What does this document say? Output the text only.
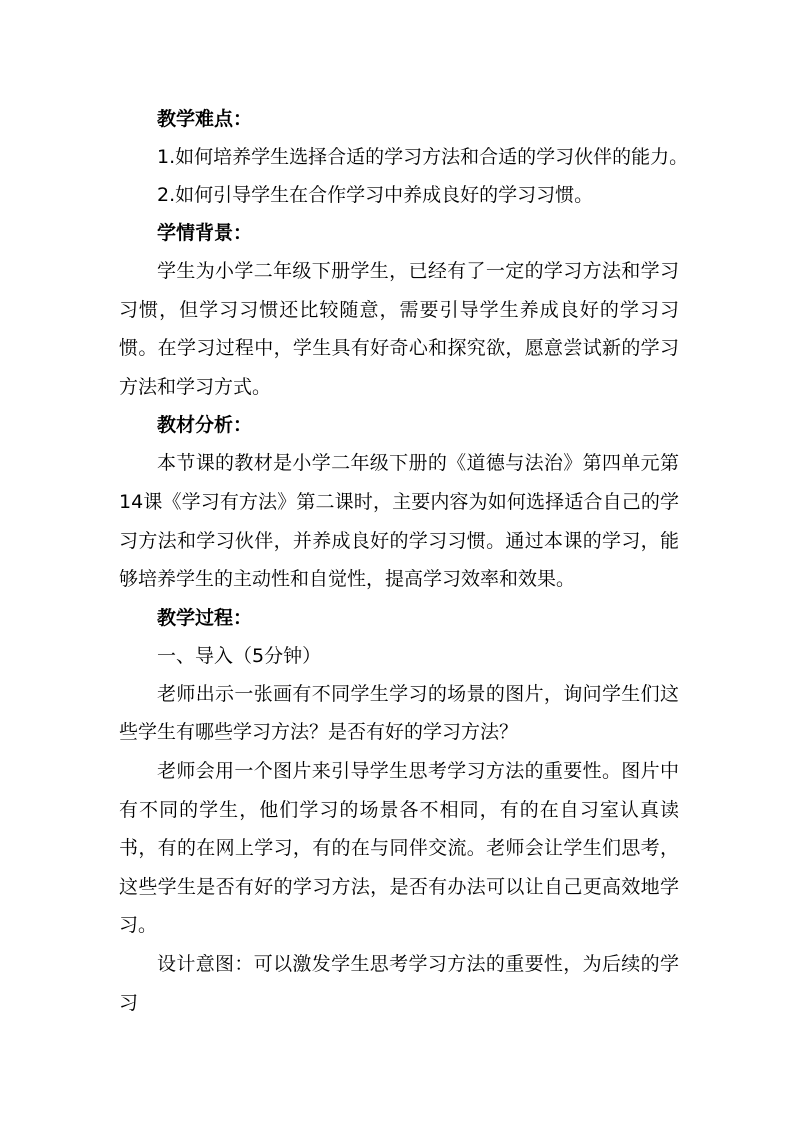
教学难点：
1.如何培养学生选择合适的学习方法和合适的学习伙伴的能力。
2.如何引导学生在合作学习中养成良好的学习习惯。
学情背景：

学生为小学二年级下册学生，已经有了一定的学习方法和学习习惯，但学习习惯还比较随意，需要引导学生养成良好的学习习惯。在学习过程中，学生具有好奇心和探究欲，愿意尝试新的学习方法和学习方式。

教材分析：

本节课的教材是小学二年级下册的《道德与法治》第四单元第14课《学习有方法》第二课时，主要内容为如何选择适合自己的学习方法和学习伙伴，并养成良好的学习习惯。通过本课的学习，能够培养学生的主动性和自觉性，提高学习效率和效果。

教学过程：
一、导入（5分钟）

老师出示一张画有不同学生学习的场景的图片，询问学生们这些学生有哪些学习方法？是否有好的学习方法？

老师会用一个图片来引导学生思考学习方法的重要性。图片中有不同的学生，他们学习的场景各不相同，有的在自习室认真读书，有的在网上学习，有的在与同伴交流。老师会让学生们思考，这些学生是否有好的学习方法，是否有办法可以让自己更高效地学习。

设计意图：可以激发学生思考学习方法的重要性，为后续的学习
